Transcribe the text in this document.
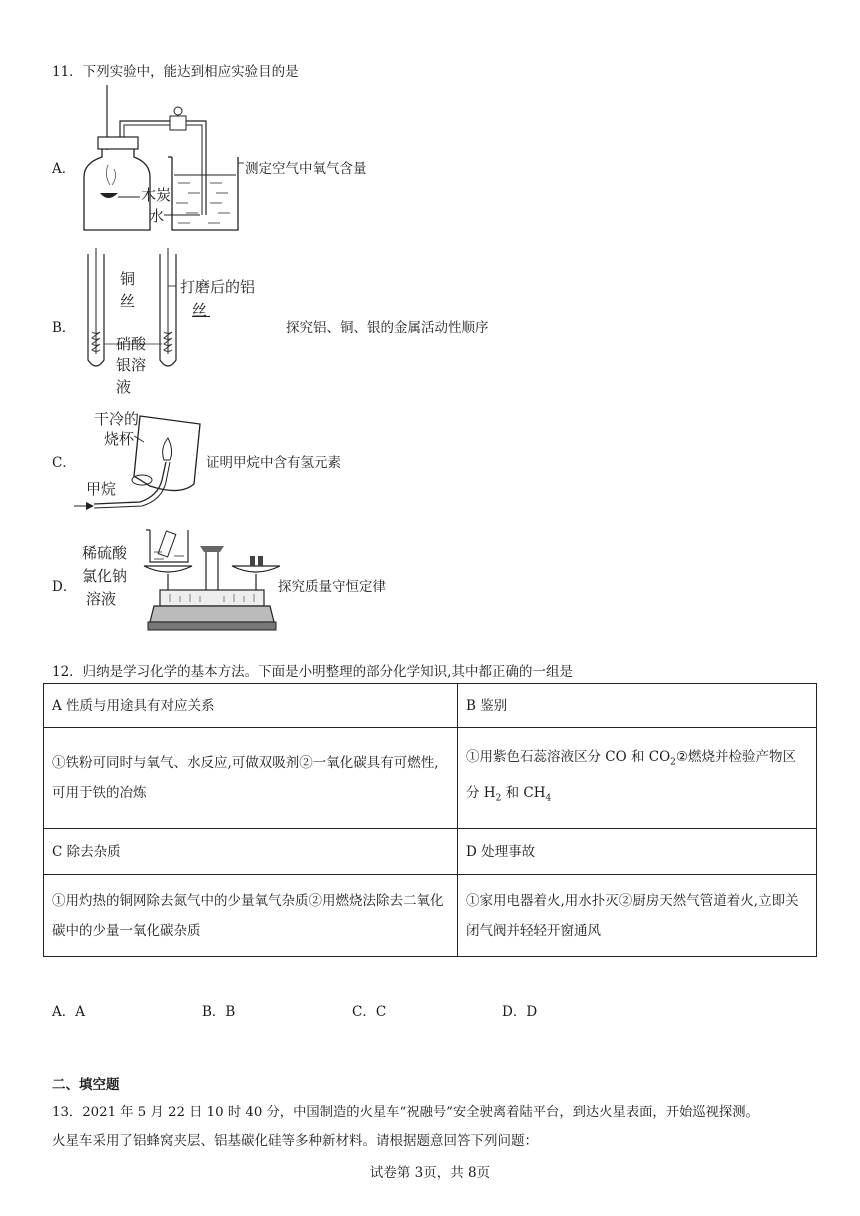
11．下列实验中，能达到相应实验目的是
A．
木炭
水
测定空气中氧气含量
B．
铜
丝
打磨后的铝
丝
硝酸
银溶
液
探究铝、铜、银的金属活动性顺序
C．
干冷的
烧杯
甲烷
证明甲烷中含有氢元素
D．
稀硫酸
氯化钠
溶液
探究质量守恒定律
12．归纳是学习化学的基本方法。下面是小明整理的部分化学知识,其中都正确的一组是
A 性质与用途具有对应关系	B 鉴别
①铁粉可同时与氧气、水反应,可做双吸剂②一氧化碳具有可燃性,可用于铁的冶炼	①用紫色石蕊溶液区分 CO 和 $CO_2②$燃烧并检验产物区分 $H_2$ 和 $CH_4$
C 除去杂质	D 处理事故
①用灼热的铜网除去氮气中的少量氧气杂质②用燃烧法除去二氧化碳中的少量一氧化碳杂质	①家用电器着火,用水扑灭②厨房天然气管道着火,立即关闭气阀并轻轻开窗通风
A．A	B．B	C．C	D．D
二、填空题
13．2021 年 5 月 22 日 10 时 40 分，中国制造的火星车“祝融号”安全驶离着陆平台，到达火星表面，开始巡视探测。
火星车采用了铝蜂窝夹层、铝基碳化硅等多种新材料。请根据题意回答下列问题：
试卷第 3页，共 8页
